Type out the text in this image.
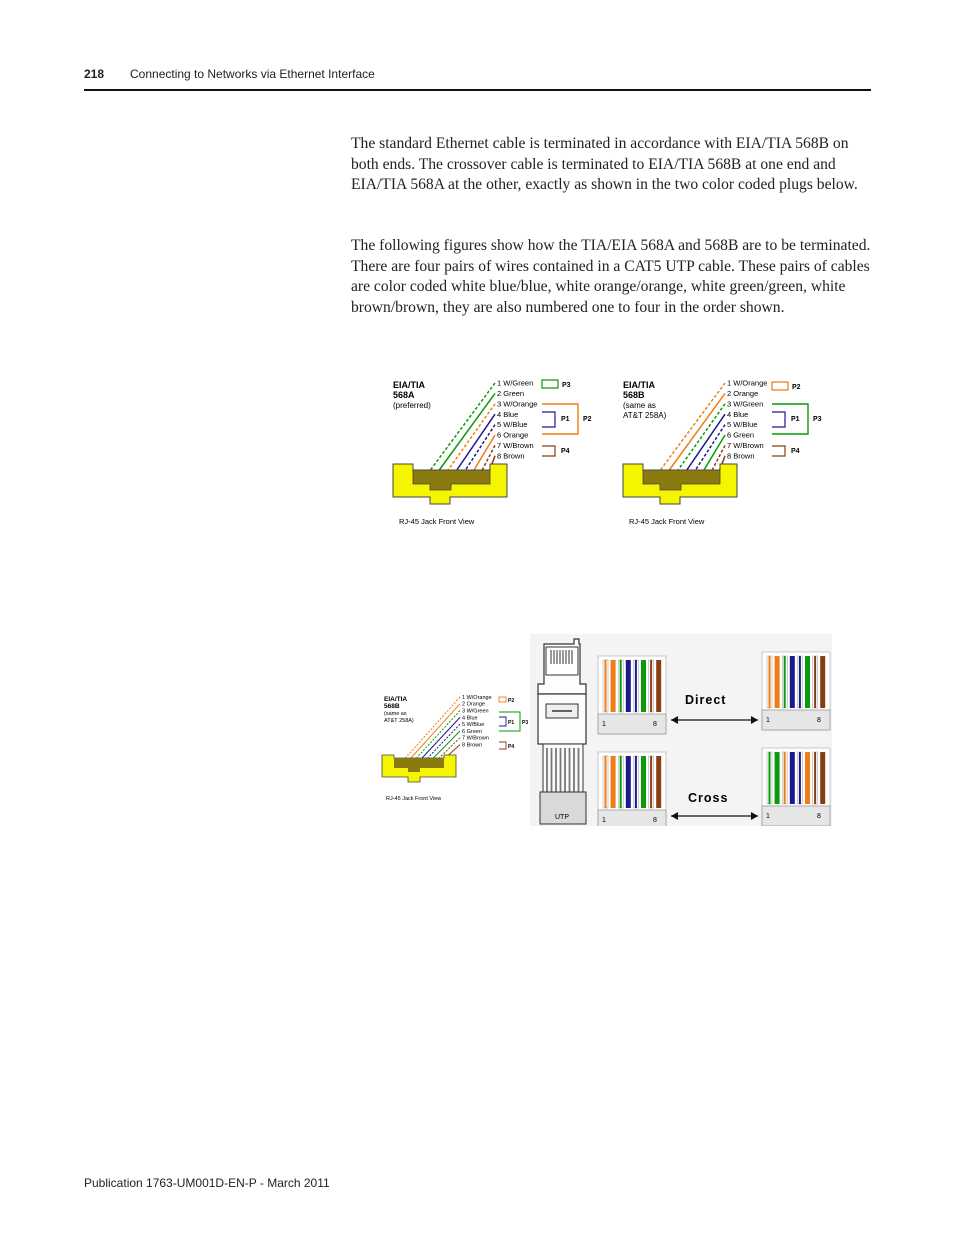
218 Connecting to Networks via Ethernet Interface

The standard Ethernet cable is terminated in accordance with EIA/TIA 568B on both ends. The crossover cable is terminated to EIA/TIA 568B at one end and EIA/TIA 568A at the other, exactly as shown in the two color coded plugs below.

The following figures show how the TIA/EIA 568A and 568B are to be terminated. There are four pairs of wires contained in a CAT5 UTP cable. These pairs of cables are color coded white blue/blue, white orange/orange, white green/green, white brown/brown, they are also numbered one to four in the order shown.

EIA/TIA
568A
(preferred)
1 W/Green
2 Green
3 W/Orange
4 Blue
5 W/Blue
6 Orange
7 W/Brown
8 Brown
P3
P1 P2
P4
RJ-45 Jack Front View
EIA/TIA
568B
(same as
AT&T 258A)
1 W/Orange
2 Orange
3 W/Green
4 Blue
5 W/Blue
6 Green
7 W/Brown
8 Brown
P2
P1 P3
P4
RJ-45 Jack Front View
EIA/TIA
568B
(same as
AT&T 258A)
1 W/Orange
2 Orange
3 W/Green
4 Blue
5 W/Blue
6 Green
7 W/Brown
8 Brown
P2
P1 P3
P4
RJ-45 Jack Front View
UTP
1	8
1	8
1	8
1	8
Direct
Cross
Publication 1763-UM001D-EN-P - March 2011
